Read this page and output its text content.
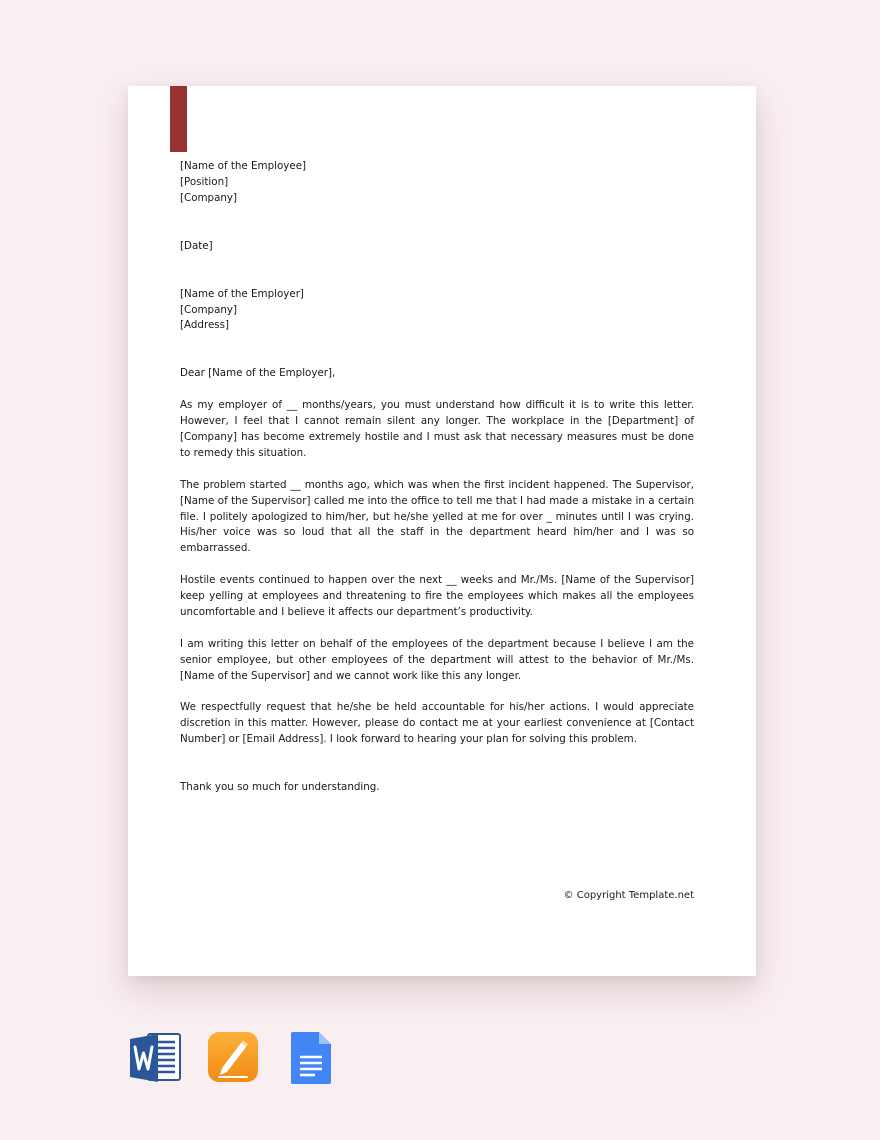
[Name of the Employee]

[Position]

[Company]

[Date]

[Name of the Employer]

[Company]

[Address]

Dear [Name of the Employer],

As my employer of __ months/years, you must understand how difficult it is to write this letter. However, I feel that I cannot remain silent any longer. The workplace in the [Department] of [Company] has become extremely hostile and I must ask that necessary measures must be done to remedy this situation.

The problem started __ months ago, which was when the first incident happened. The Supervisor, [Name of the Supervisor] called me into the office to tell me that I had made a mistake in a certain file. I politely apologized to him/her, but he/she yelled at me for over _ minutes until I was crying. His/her voice was so loud that all the staff in the department heard him/her and I was so embarrassed.

Hostile events continued to happen over the next __ weeks and Mr./Ms. [Name of the Supervisor] keep yelling at employees and threatening to fire the employees which makes all the employees uncomfortable and I believe it affects our department’s productivity.

I am writing this letter on behalf of the employees of the department because I believe I am the senior employee, but other employees of the department will attest to the behavior of Mr./Ms. [Name of the Supervisor] and we cannot work like this any longer.

We respectfully request that he/she be held accountable for his/her actions. I would appreciate discretion in this matter. However, please do contact me at your earliest convenience at [Contact Number] or [Email Address]. I look forward to hearing your plan for solving this problem.

Thank you so much for understanding.

© Copyright Template.net
